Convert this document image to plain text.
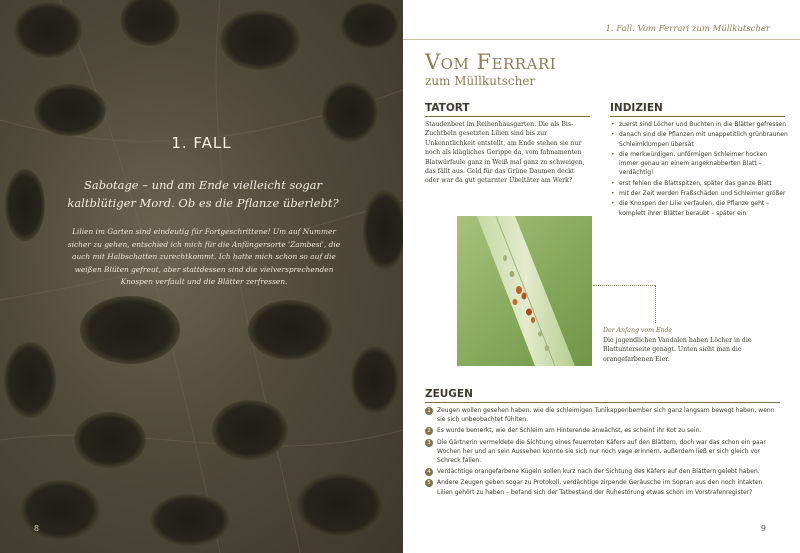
1. FALL
Sabotage – und am Ende vielleicht sogar kaltblütiger Mord. Ob es die Pflanze überlebt?
Lilien im Garten sind eindeutig für Fortgeschrittene! Um auf Nummer sicher zu gehen, entschied ich mich für die Anfängersorte 'Zambesi', die auch mit Halbschatten zurechtkommt. Ich hatte mich schon so auf die weißen Blüten gefreut, aber stattdessen sind die vielversprechenden Knospen verfault und die Blätter zerfressen.
8
1. Fall. Vom Ferrari zum Müllkutscher
Vom Ferrari
zum Müllkutscher
TATORT
Staudenbeet im Reihenhausgarten. Die als Bis-Zuchtbeln gesetzten Lilien sind bis zur Unkenntlichkeit entstellt, am Ende stehen sie nur noch als klägliches Gerippe da, vom fahnamenten Blatwürfaule ganz in Weiß mal ganz zu schweigen, das fällt aus. Geld für das Grüne Daumen deckt oder war da gut getarnter Übeltäter am Werk?
INDIZIEN
• zuerst sind Löcher und Buchten in die Blätter gefressen
• danach sind die Pflanzen mit unappetitlich grünbraunen Schleimklumpen übersät
• die merkwürdigen, unförmigen Schleimer hocken immer genau an einem angeknabberten Blatt – verdächtig!
• erst fehlen die Blattspitzen, später das ganze Blatt
• mit der Zeit werden Fraßschäden und Schleimer größer
• die Knospen der Lilie verfaulen, die Pflanze geht – komplett ihrer Blätter beraubt – später ein
Der Anfang vom Ende
Die jugendlichen Vandalen haben Löcher in die Blattunterseite genagt. Unten sieht man die orangefarbenen Eier.
ZEUGEN
1	Zeugen wollen gesehen haben, wie die schleimigen Tunikappenbember sich ganz langsam bewegt haben, wenn sie sich unbeobachtet fühlten.
2	Es wurde bemerkt, wie der Schleim am Hinterende anwächst, es scheint ihr Kot zu sein.
3	Die Gärtnerin vermeldete die Sichtung eines feuerroten Käfers auf den Blättern, doch war das schon ein paar Wochen her und an sein Aussehen konnte sie sich nur noch vage erinnern, außerdem ließ er sich gleich vor Schreck fallen.
4	Verdächtige orangefarbene Kügeln sollen kurz nach der Sichtung des Käfers auf den Blättern gelebt haben.
5	Andere Zeugen geben sogar zu Protokoll, verdächtige zirpende Geräusche im Sopran aus den noch intakten Lilien gehört zu haben – befand sich der Tatbestand der Ruhestörung etwas schon im Vorstrafenregister?
9
